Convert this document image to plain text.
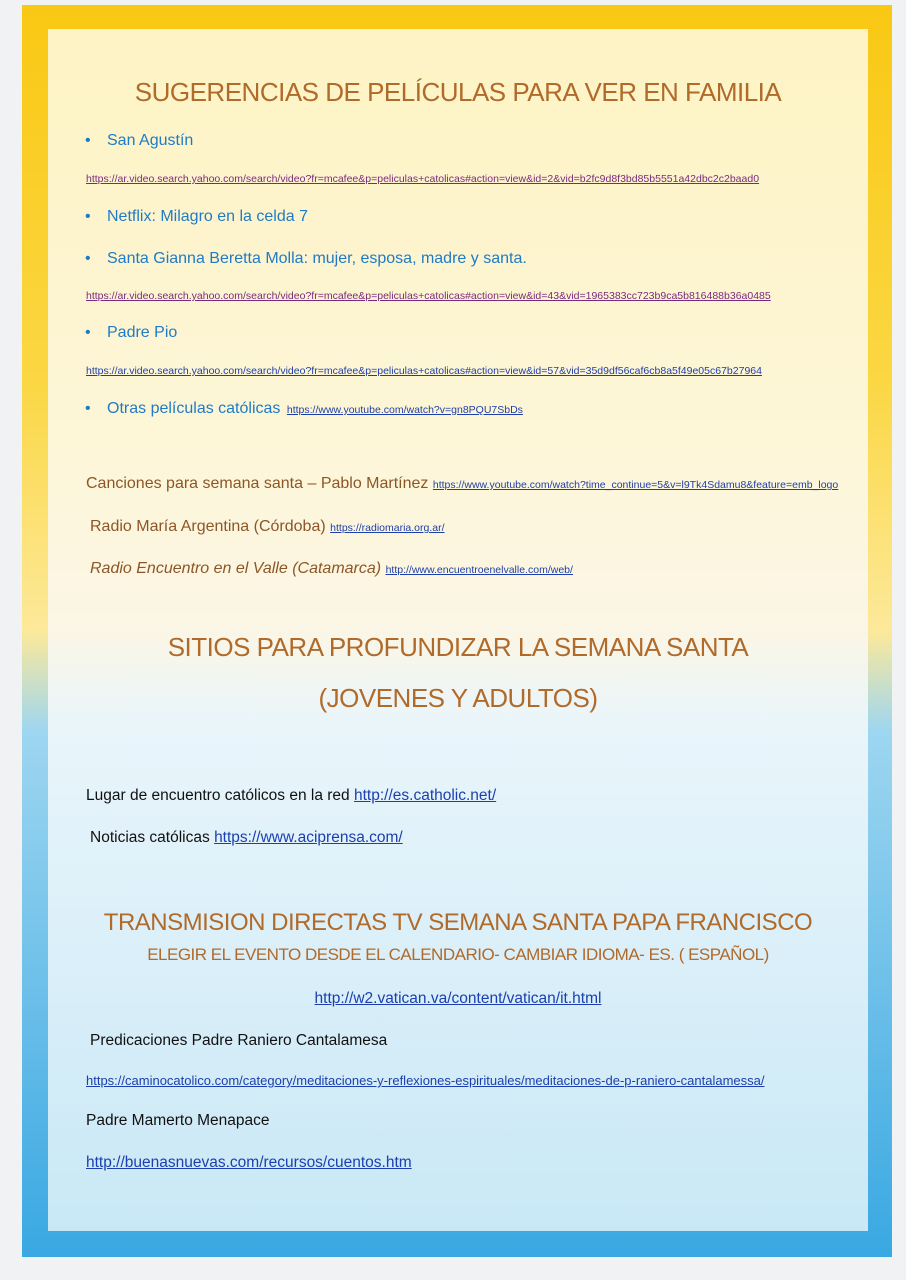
SUGERENCIAS DE PELÍCULAS PARA VER EN FAMILIA
• San Agustín
https://ar.video.search.yahoo.com/search/video?fr=mcafee&p=peliculas+catolicas#action=view&id=2&vid=b2fc9d8f3bd85b5551a42dbc2c2baad0
• Netflix: Milagro en la celda 7
• Santa Gianna Beretta Molla: mujer, esposa, madre y santa.
https://ar.video.search.yahoo.com/search/video?fr=mcafee&p=peliculas+catolicas#action=view&id=43&vid=1965383cc723b9ca5b816488b36a0485
• Padre Pio
https://ar.video.search.yahoo.com/search/video?fr=mcafee&p=peliculas+catolicas#action=view&id=57&vid=35d9df56caf6cb8a5f49e05c67b27964
• Otras películas católicas https://www.youtube.com/watch?v=gn8PQU7SbDs
Canciones para semana santa – Pablo Martínez https://www.youtube.com/watch?time_continue=5&v=l9Tk4Sdamu8&feature=emb_logo
Radio María Argentina (Córdoba) https://radiomaria.org.ar/
Radio Encuentro en el Valle (Catamarca) http://www.encuentroenelvalle.com/web/
SITIOS PARA PROFUNDIZAR LA SEMANA SANTA
(JOVENES Y ADULTOS)
Lugar de encuentro católicos en la red http://es.catholic.net/
Noticias católicas https://www.aciprensa.com/
TRANSMISION DIRECTAS TV SEMANA SANTA PAPA FRANCISCO
ELEGIR EL EVENTO DESDE EL CALENDARIO- CAMBIAR IDIOMA- ES. ( ESPAÑOL)
http://w2.vatican.va/content/vatican/it.html
Predicaciones Padre Raniero Cantalamesa
https://caminocatolico.com/category/meditaciones-y-reflexiones-espirituales/meditaciones-de-p-raniero-cantalamessa/
Padre Mamerto Menapace
http://buenasnuevas.com/recursos/cuentos.htm
